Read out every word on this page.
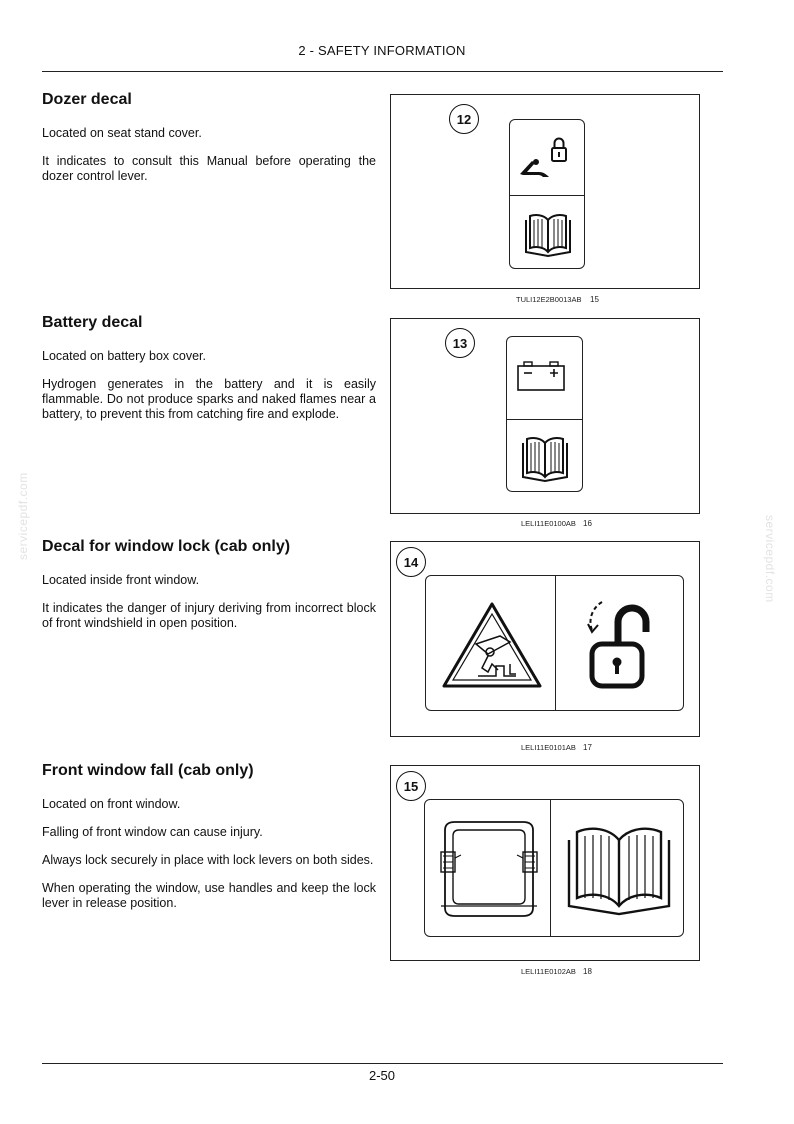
2 - SAFETY INFORMATION
servicepdf.com	servicepdf.com
Dozer decal

Located on seat stand cover.

It indicates to consult this Manual before operating the dozer control lever.

12
TULI12E2B0013AB 15
Battery decal

Located on battery box cover.

Hydrogen generates in the battery and it is easily flammable. Do not produce sparks and naked flames near a battery, to prevent this from catching fire and explode.

13
LELI11E0100AB 16
Decal for window lock (cab only)

Located inside front window.

It indicates the danger of injury deriving from incorrect block of front windshield in open position.

14
LELI11E0101AB 17
Front window fall (cab only)

Located on front window.

Falling of front window can cause injury.

Always lock securely in place with lock levers on both sides.

When operating the window, use handles and keep the lock lever in release position.

15
LELI11E0102AB 18
2-50
